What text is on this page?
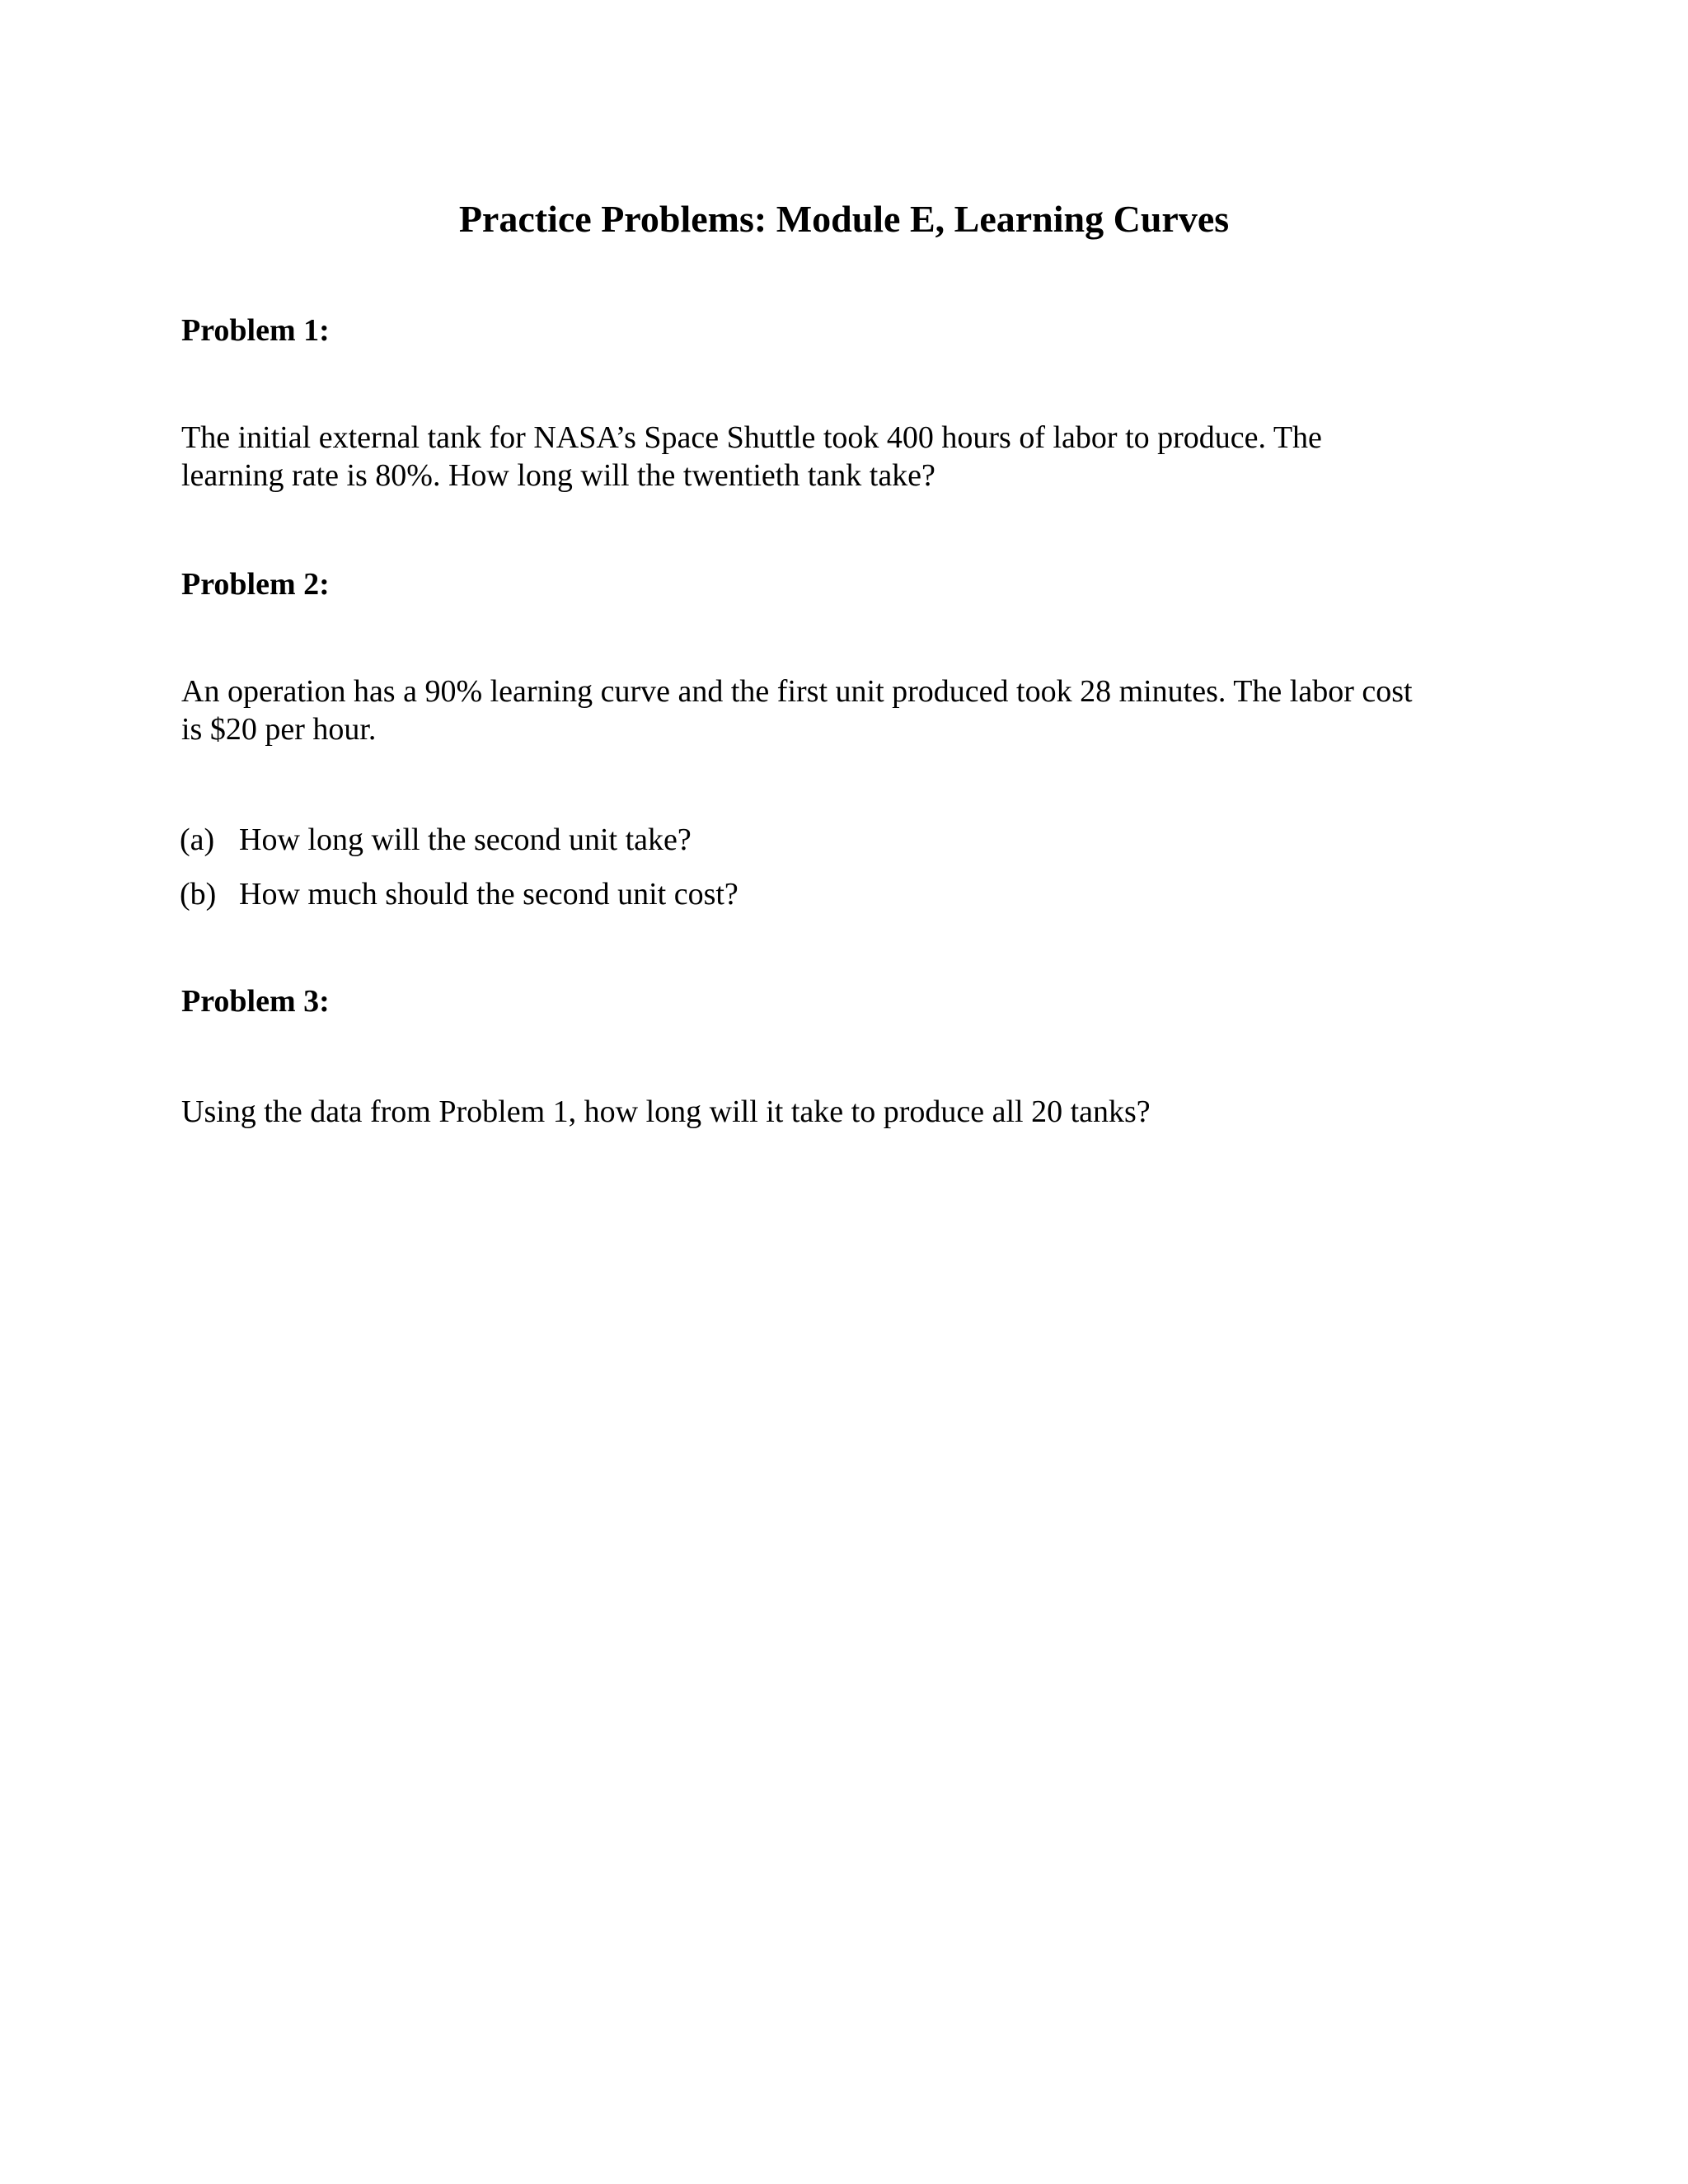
Practice Problems: Module E, Learning Curves
Problem 1:
The initial external tank for NASA’s Space Shuttle took 400 hours of labor to produce. The
learning rate is 80%. How long will the twentieth tank take?
Problem 2:
An operation has a 90% learning curve and the first unit produced took 28 minutes. The labor cost
is $20 per hour.
(a) How long will the second unit take?
(b) How much should the second unit cost?
Problem 3:
Using the data from Problem 1, how long will it take to produce all 20 tanks?
